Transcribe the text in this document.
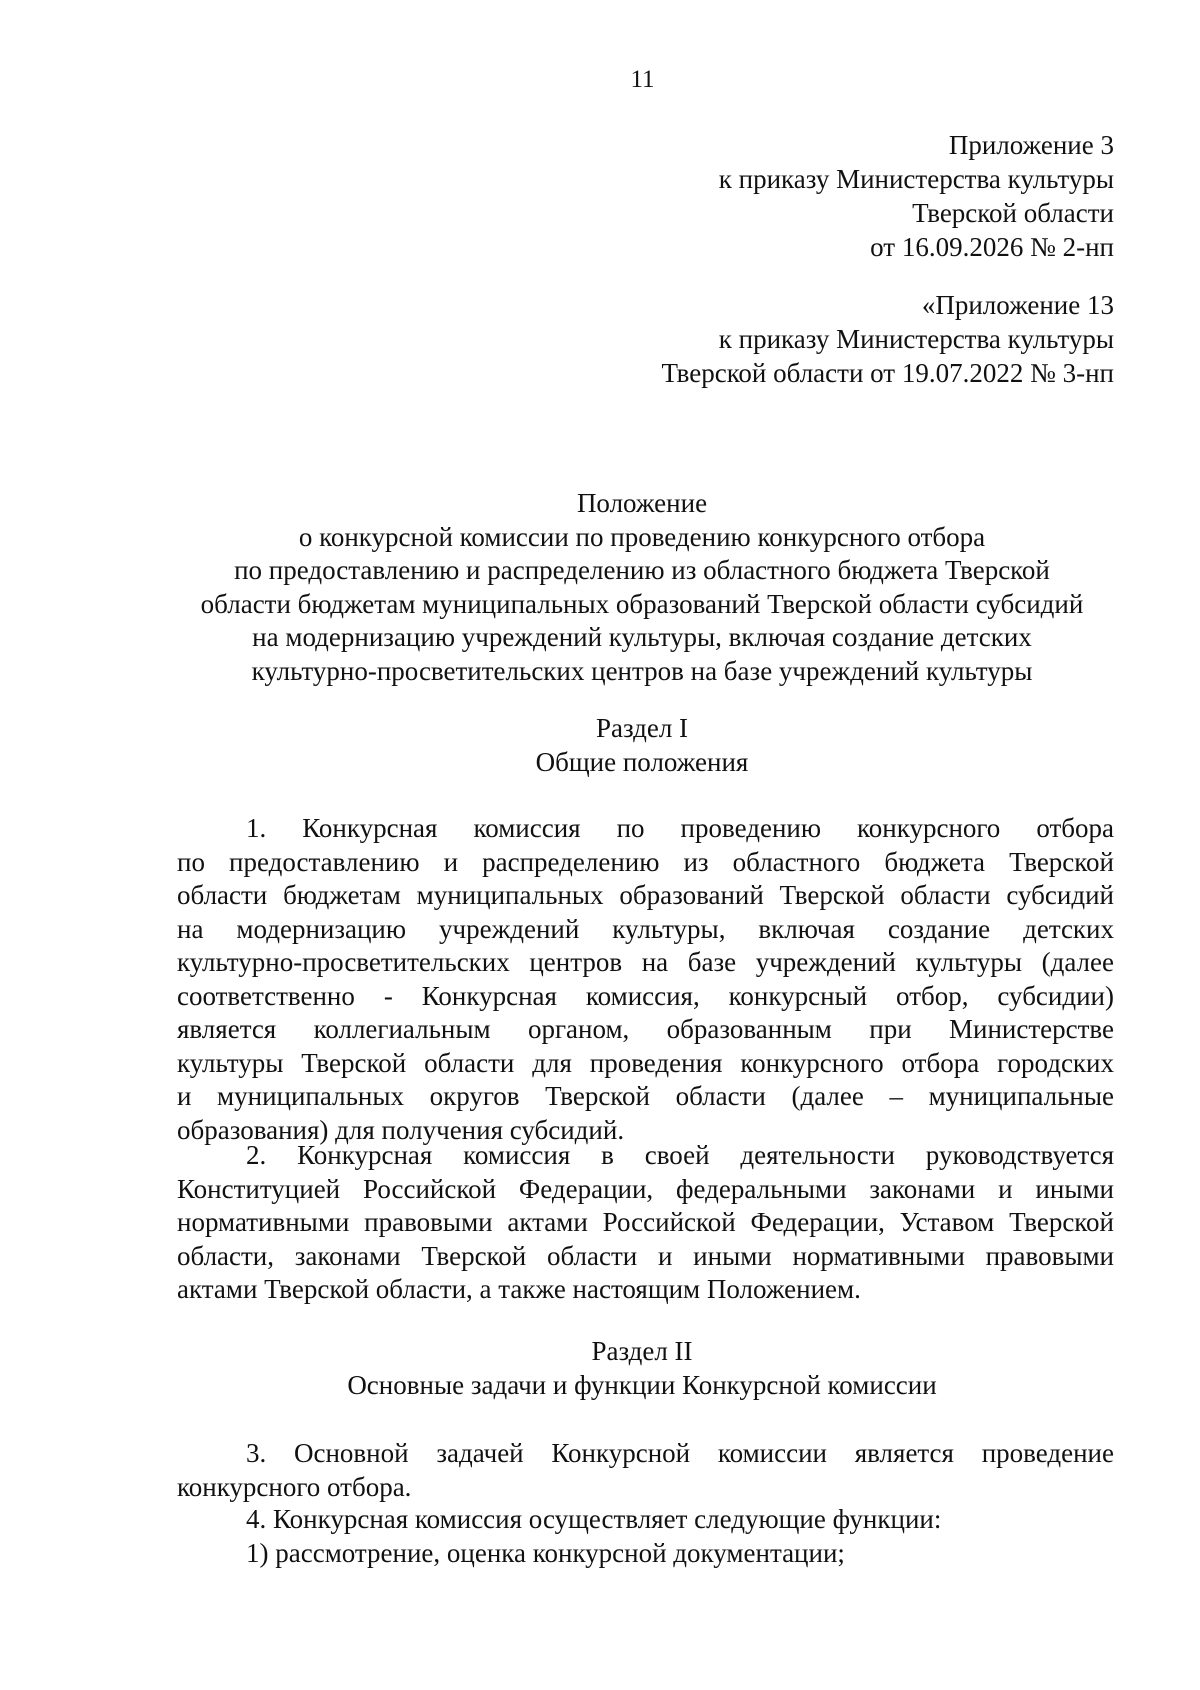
11
Приложение 3
к приказу Министерства культуры
Тверской области
от 16.09.2026 № 2-нп
«Приложение 13
к приказу Министерства культуры
Тверской области от 19.07.2022 № 3-нп
Положение
о конкурсной комиссии по проведению конкурсного отбора
по предоставлению и распределению из областного бюджета Тверской
области бюджетам муниципальных образований Тверской области субсидий
на модернизацию учреждений культуры, включая создание детских
культурно-просветительских центров на базе учреждений культуры
Раздел I
Общие положения
1. Конкурсная комиссия по проведению конкурсного отбора
по предоставлению и распределению из областного бюджета Тверской
области бюджетам муниципальных образований Тверской области субсидий
на модернизацию учреждений культуры, включая создание детских
культурно-просветительских центров на базе учреждений культуры (далее
соответственно - Конкурсная комиссия, конкурсный отбор, субсидии)
является коллегиальным органом, образованным при Министерстве
культуры Тверской области для проведения конкурсного отбора городских
и муниципальных округов Тверской области (далее – муниципальные
образования) для получения субсидий.
2. Конкурсная комиссия в своей деятельности руководствуется
Конституцией Российской Федерации, федеральными законами и иными
нормативными правовыми актами Российской Федерации, Уставом Тверской
области, законами Тверской области и иными нормативными правовыми
актами Тверской области, а также настоящим Положением.
Раздел II
Основные задачи и функции Конкурсной комиссии
3. Основной задачей Конкурсной комиссии является проведение
конкурсного отбора.
4. Конкурсная комиссия осуществляет следующие функции:
1) рассмотрение, оценка конкурсной документации;
